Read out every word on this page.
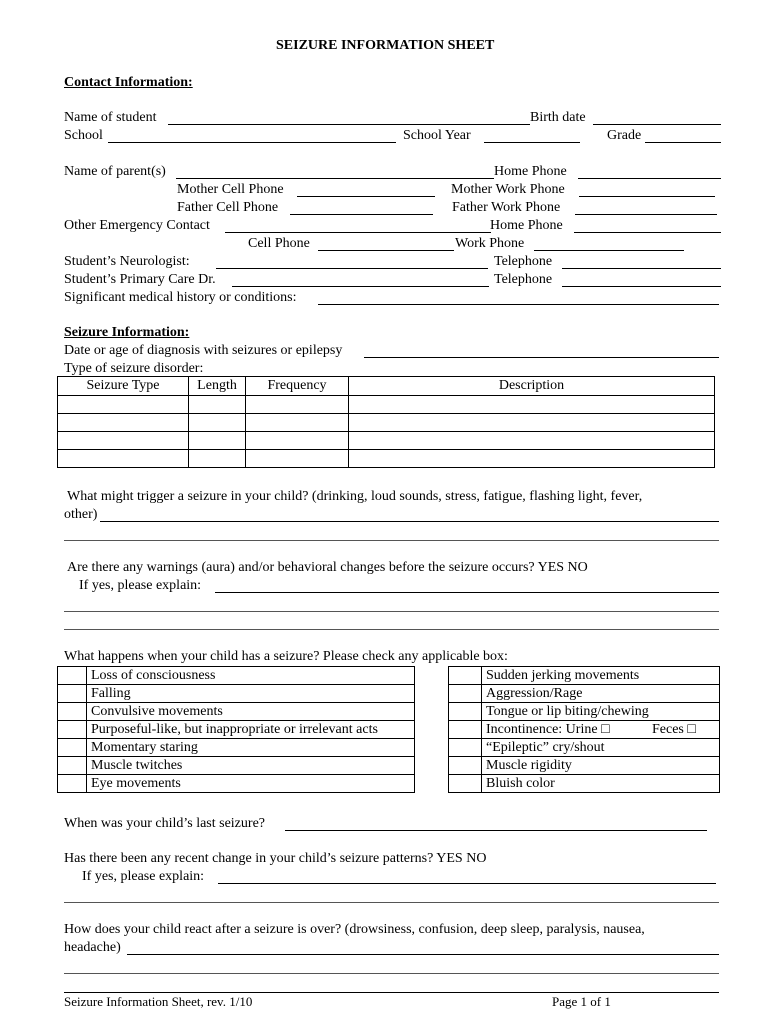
SEIZURE INFORMATION SHEET
Contact Information:
Name of student	Birth date
School	School Year	Grade
Name of parent(s)	Home Phone
Mother Cell Phone	Mother Work Phone
Father Cell Phone	Father Work Phone
Other Emergency Contact	Home Phone
Cell Phone	Work Phone
Student’s Neurologist:	Telephone
Student’s Primary Care Dr.	Telephone
Significant medical history or conditions:
Seizure Information:
Date or age of diagnosis with seizures or epilepsy
Type of seizure disorder:
Seizure Type	Length	Frequency	Description

What might trigger a seizure in your child? (drinking, loud sounds, stress, fatigue, flashing light, fever,
other)
Are there any warnings (aura) and/or behavioral changes before the seizure occurs? YES NO
If yes, please explain:
What happens when your child has a seizure? Please check any applicable box:
	Loss of consciousness
	Falling
	Convulsive movements
	Purposeful-like, but inappropriate or irrelevant acts
	Momentary staring
	Muscle twitches
	Eye movements
	Sudden jerking movements
	Aggression/Rage
	Tongue or lip biting/chewing
	Incontinence: Urine □ Feces □

	“Epileptic” cry/shout
	Muscle rigidity
	Bluish color
When was your child’s last seizure?
Has there been any recent change in your child’s seizure patterns? YES NO
If yes, please explain:
How does your child react after a seizure is over? (drowsiness, confusion, deep sleep, paralysis, nausea,
headache)
Seizure Information Sheet, rev. 1/10	Page 1 of 1
